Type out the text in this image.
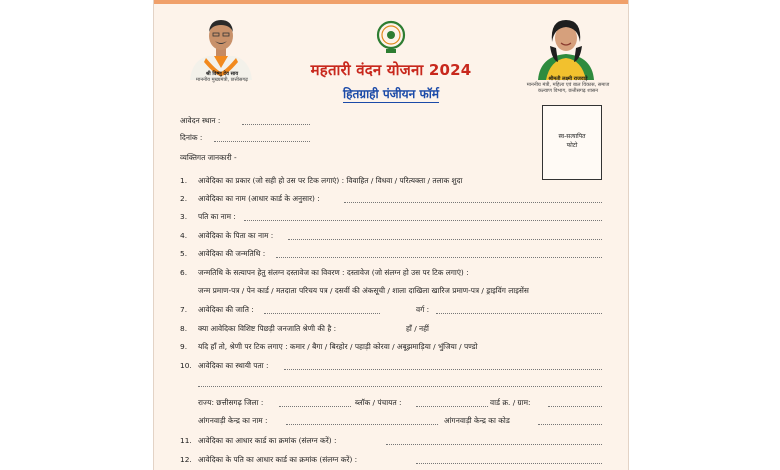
श्री विष्णु देव साय
माननीय मुख्यमंत्री, छत्तीसगढ़
महतारी वंदन योजना 2024
हितग्राही पंजीयन फॉर्म
श्रीमती लक्ष्मी राजवाड़े
माननीय मंत्री, महिला एवं बाल विकास, समाज कल्याण विभाग, छत्तीसगढ़ शासन
स्व-सत्यापित
फोटो
आवेदन स्थान :
दिनांक :
व्यक्तिगत जानकारी -
1. आवेदिका का प्रकार (जो सही हो उस पर टिक लगाएं) : विवाहित / विधवा / परित्यक्ता / तलाक शुदा
2. आवेदिका का नाम (आधार कार्ड के अनुसार) :
3. पति का नाम :
4. आवेदिका के पिता का नाम :
5. आवेदिका की जन्मतिथि :
6. जन्मतिथि के सत्यापन हेतु संलग्न दस्तावेज का विवरण : दस्तावेज (जो संलग्न हो उस पर टिक लगाएं) :
जन्म प्रमाण-पत्र / पेन कार्ड / मतदाता परिचय पत्र / दसवीं की अंकसूची / शाला दाखिला खारिज प्रमाण-पत्र / ड्राइविंग लाइसेंस
7. आवेदिका की जाति :	वर्ग :
8. क्या आवेदिका विशिष्ट पिछड़ी जनजाति श्रेणी की है :	हाँ / नहीं
9. यदि हाँ तो, श्रेणी पर टिक लगाए : कमार / बैगा / बिरहोर / पहाड़ी कोरवा / अबूझमाड़िया / भुंजिया / पण्डो
10. आवेदिका का स्थायी पता :
राज्य: छत्तीसगढ़ जिला :	ब्लॉक / पंचायत :	वार्ड क्र. / ग्राम:
आंगनवाड़ी केन्द्र का नाम :	आंगनवाड़ी केन्द्र का कोड
11. आवेदिका का आधार कार्ड का क्रमांक (संलग्न करें) :
12. आवेदिका के पति का आधार कार्ड का क्रमांक (संलग्न करें) :
